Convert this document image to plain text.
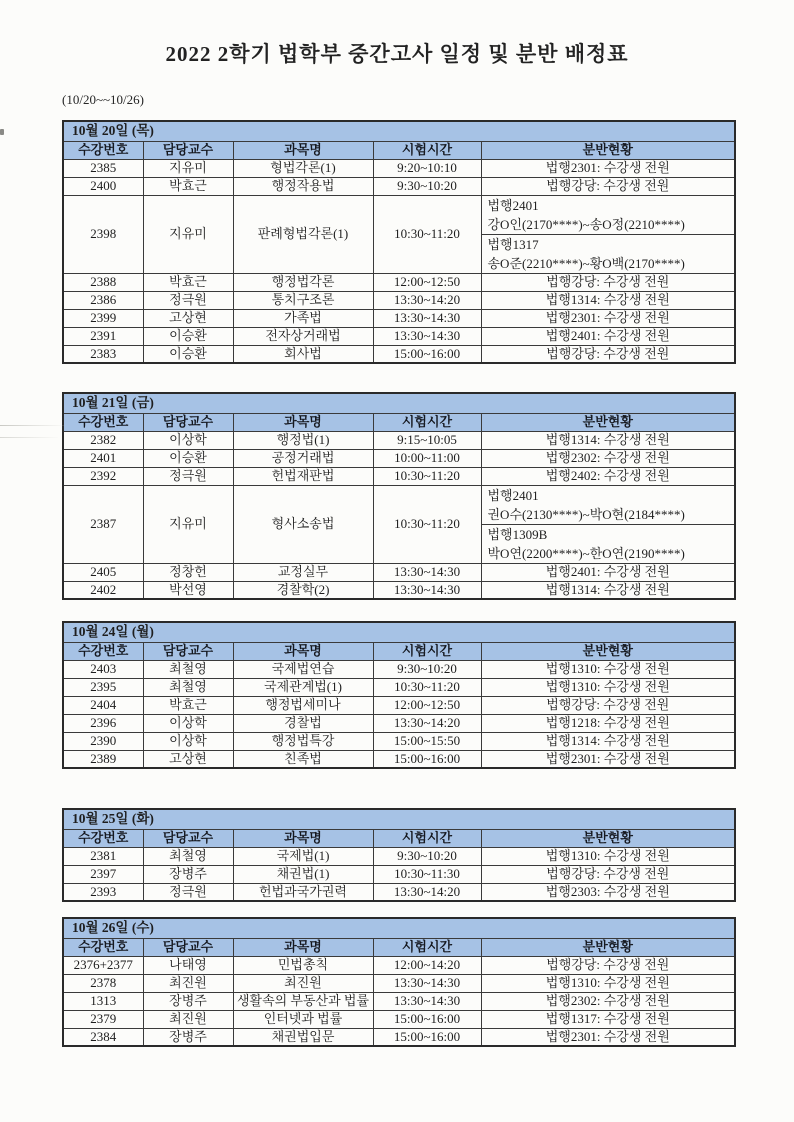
2022 2학기 법학부 중간고사 일정 및 분반 배정표
(10/20~~10/26)
10월 20일 (목)				
수강번호	담당교수	과목명	시험시간	분반현황
2385	지유미	형법각론(1)	9:20~10:10	법행2301: 수강생 전원
2400	박효근	행정작용법	9:30~10:20	법행강당: 수강생 전원
2398	지유미	판례형법각론(1)	10:30~11:20	법행2401
강O인(2170****)~송O정(2210****)
법행1317
송O준(2210****)~황O백(2170****)

2388	박효근	행정법각론	12:00~12:50	법행강당: 수강생 전원
2386	정극원	통치구조론	13:30~14:20	법행1314: 수강생 전원
2399	고상현	가족법	13:30~14:30	법행2301: 수강생 전원
2391	이승환	전자상거래법	13:30~14:30	법행2401: 수강생 전원
2383	이승환	회사법	15:00~16:00	법행강당: 수강생 전원
10월 21일 (금)				
수강번호	담당교수	과목명	시험시간	분반현황
2382	이상학	행정법(1)	9:15~10:05	법행1314: 수강생 전원
2401	이승환	공정거래법	10:00~11:00	법행2302: 수강생 전원
2392	정극원	헌법재판법	10:30~11:20	법행2402: 수강생 전원
2387	지유미	형사소송법	10:30~11:20	법행2401
권O수(2130****)~박O현(2184****)
법행1309B
박O연(2200****)~한O연(2190****)

2405	정창헌	교정실무	13:30~14:30	법행2401: 수강생 전원
2402	박선영	경찰학(2)	13:30~14:30	법행1314: 수강생 전원
10월 24일 (월)				
수강번호	담당교수	과목명	시험시간	분반현황
2403	최철영	국제법연습	9:30~10:20	법행1310: 수강생 전원
2395	최철영	국제관계법(1)	10:30~11:20	법행1310: 수강생 전원
2404	박효근	행정법세미나	12:00~12:50	법행강당: 수강생 전원
2396	이상학	경찰법	13:30~14:20	법행1218: 수강생 전원
2390	이상학	행정법특강	15:00~15:50	법행1314: 수강생 전원
2389	고상현	친족법	15:00~16:00	법행2301: 수강생 전원
10월 25일 (화)				
수강번호	담당교수	과목명	시험시간	분반현황
2381	최철영	국제법(1)	9:30~10:20	법행1310: 수강생 전원
2397	장병주	채권법(1)	10:30~11:30	법행강당: 수강생 전원
2393	정극원	헌법과국가권력	13:30~14:20	법행2303: 수강생 전원
10월 26일 (수)				
수강번호	담당교수	과목명	시험시간	분반현황
2376+2377	나태영	민법총칙	12:00~14:20	법행강당: 수강생 전원
2378	최진원	최진원	13:30~14:30	법행1310: 수강생 전원
1313	장병주	생활속의 부동산과 법률	13:30~14:30	법행2302: 수강생 전원
2379	최진원	인터넷과 법률	15:00~16:00	법행1317: 수강생 전원
2384	장병주	채권법입문	15:00~16:00	법행2301: 수강생 전원
